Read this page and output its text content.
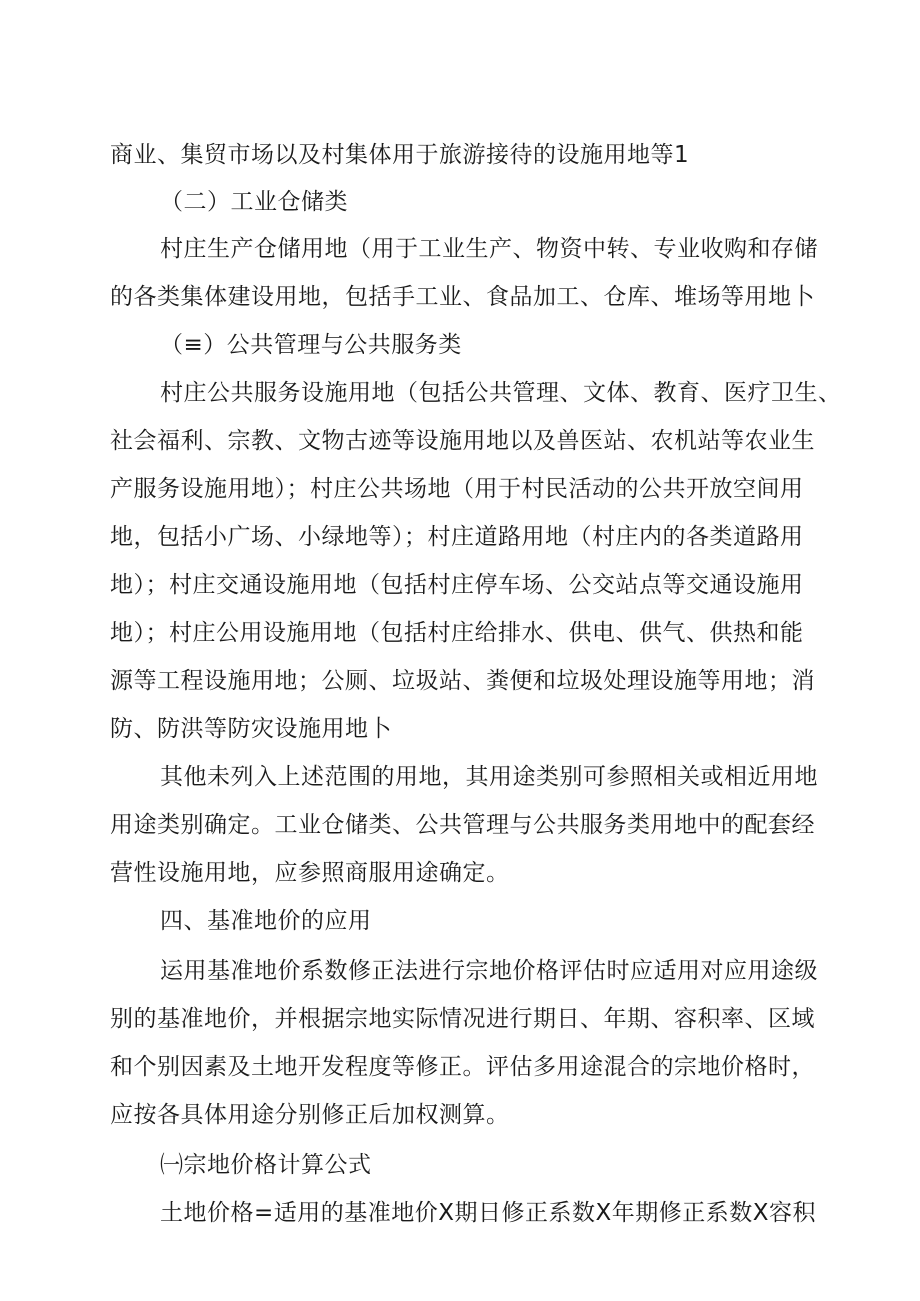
商业、集贸市场以及村集体用于旅游接待的设施用地等1
（二）工业仓储类
村庄生产仓储用地（用于工业生产、物资中转、专业收购和存储
的各类集体建设用地，包括手工业、食品加工、仓库、堆场等用地卜
（≡）公共管理与公共服务类
村庄公共服务设施用地（包括公共管理、文体、教育、医疗卫生、
社会福利、宗教、文物古迹等设施用地以及兽医站、农机站等农业生
产服务设施用地）；村庄公共场地（用于村民活动的公共开放空间用
地，包括小广场、小绿地等）；村庄道路用地（村庄内的各类道路用
地）；村庄交通设施用地（包括村庄停车场、公交站点等交通设施用
地）；村庄公用设施用地（包括村庄给排水、供电、供气、供热和能
源等工程设施用地；公厕、垃圾站、粪便和垃圾处理设施等用地；消
防、防洪等防灾设施用地卜
其他未列入上述范围的用地，其用途类别可参照相关或相近用地
用途类别确定。工业仓储类、公共管理与公共服务类用地中的配套经
营性设施用地，应参照商服用途确定。
四、基准地价的应用
运用基准地价系数修正法进行宗地价格评估时应适用对应用途级
别的基准地价，并根据宗地实际情况进行期日、年期、容积率、区域
和个别因素及土地开发程度等修正。评估多用途混合的宗地价格时，
应按各具体用途分别修正后加权测算。
㈠宗地价格计算公式
土地价格=适用的基准地价X期日修正系数X年期修正系数X容积
